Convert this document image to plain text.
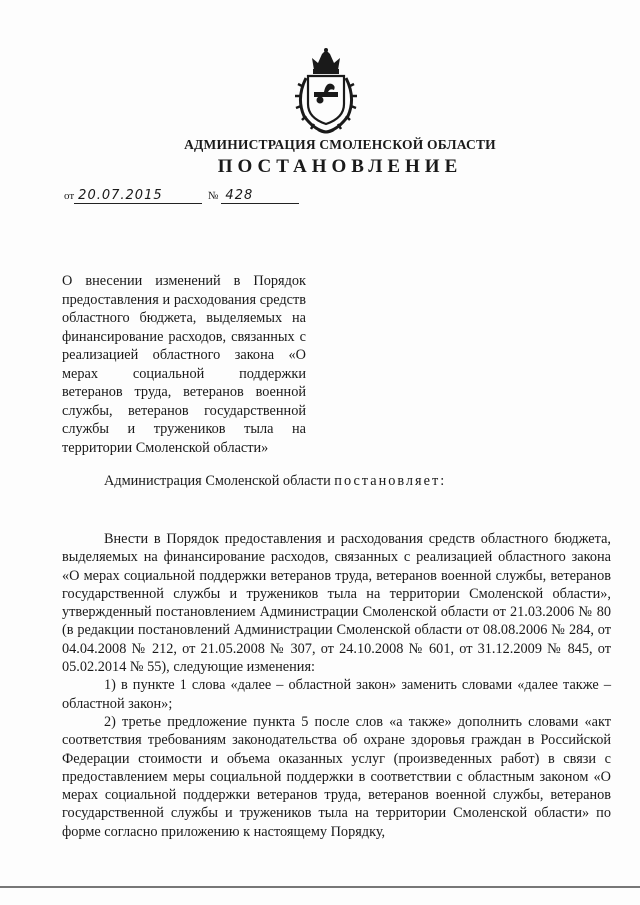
АДМИНИСТРАЦИЯ СМОЛЕНСКОЙ ОБЛАСТИ
ПОСТАНОВЛЕНИЕ
от 20.07.2015	№ 428
О внесении изменений в Порядок предоставления и расходования средств областного бюджета, выделяемых на финансирование расходов, связанных с реализацией областного закона «О мерах социальной поддержки ветеранов труда, ветеранов военной службы, ветеранов государственной службы и тружеников тыла на территории Смоленской области»
Администрация Смоленской области постановляет:

Внести в Порядок предоставления и расходования средств областного бюджета, выделяемых на финансирование расходов, связанных с реализацией областного закона «О мерах социальной поддержки ветеранов труда, ветеранов военной службы, ветеранов государственной службы и тружеников тыла на территории Смоленской области», утвержденный постановлением Администрации Смоленской области от 21.03.2006 № 80 (в редакции постановлений Администрации Смоленской области от 08.08.2006 № 284, от 04.04.2008 № 212, от 21.05.2008 № 307, от 24.10.2008 № 601, от 31.12.2009 № 845, от 05.02.2014 № 55), следующие изменения:

1) в пункте 1 слова «далее – областной закон» заменить словами «далее также – областной закон»;

2) третье предложение пункта 5 после слов «а также» дополнить словами «акт соответствия требованиям законодательства об охране здоровья граждан в Российской Федерации стоимости и объема оказанных услуг (произведенных работ) в связи с предоставлением меры социальной поддержки в соответствии с областным законом «О мерах социальной поддержки ветеранов труда, ветеранов военной службы, ветеранов государственной службы и тружеников тыла на территории Смоленской области» по форме согласно приложению к настоящему Порядку,
